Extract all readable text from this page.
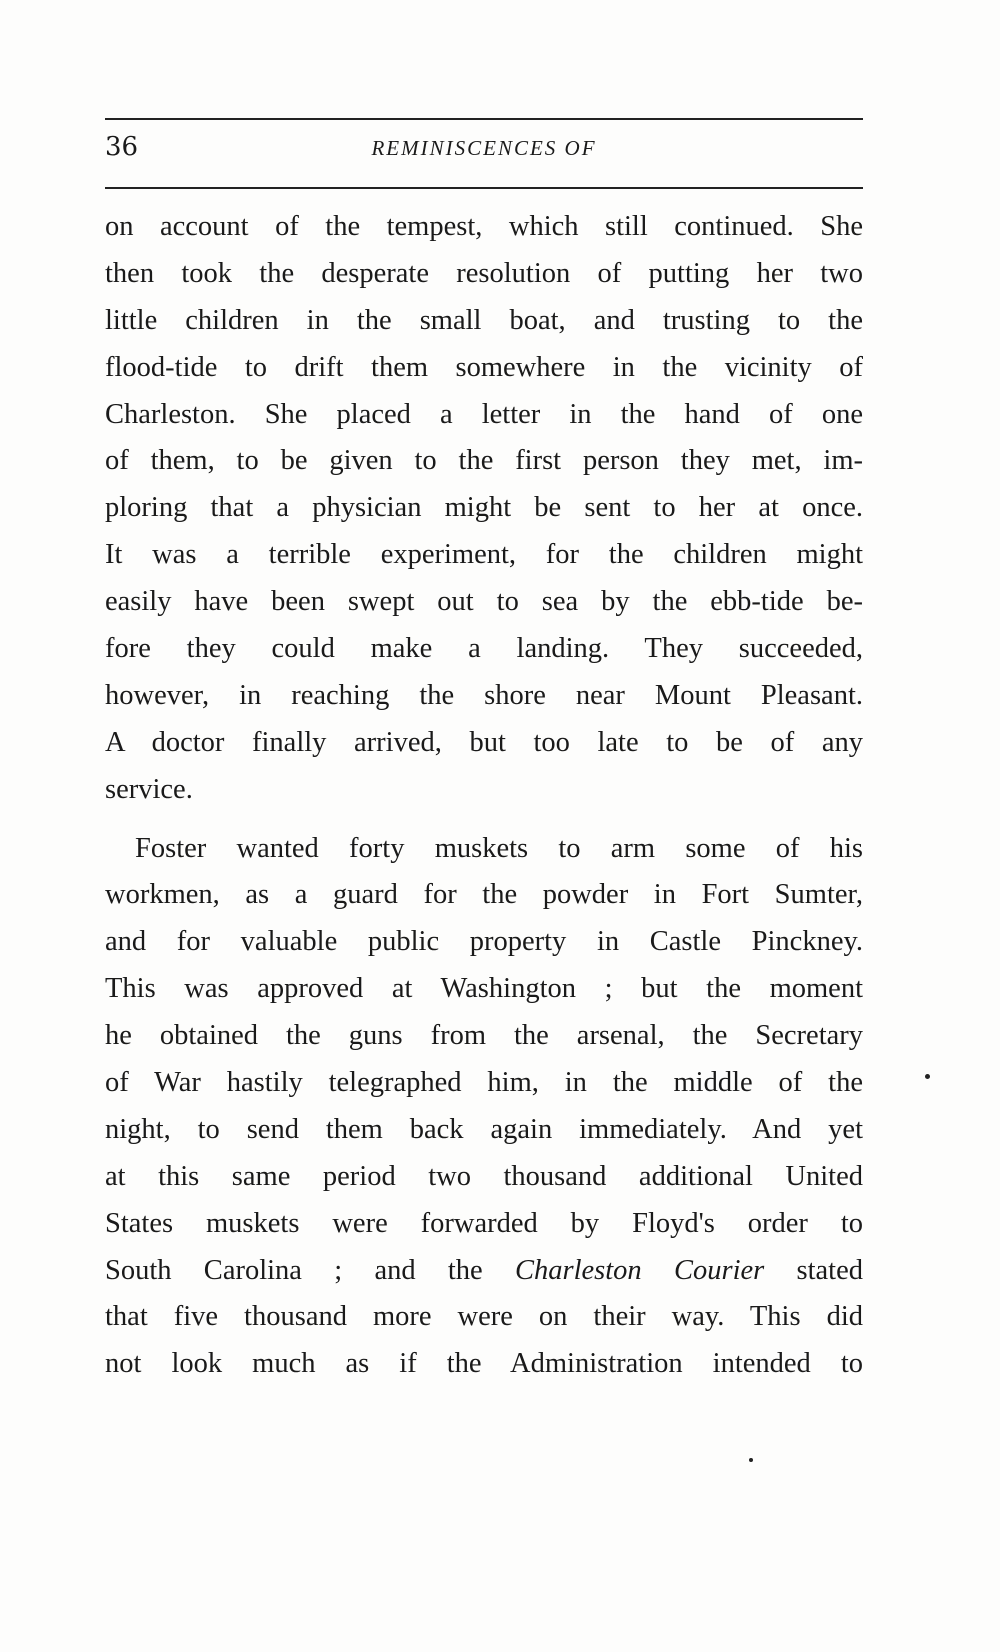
36	REMINISCENCES OF
on account of the tempest, which still continued. She
then took the desperate resolution of putting her two
little children in the small boat, and trusting to the
flood-tide to drift them somewhere in the vicinity of
Charleston. She placed a letter in the hand of one
of them, to be given to the first person they met, im-
ploring that a physician might be sent to her at once.
It was a terrible experiment, for the children might
easily have been swept out to sea by the ebb-tide be-
fore they could make a landing. They succeeded,
however, in reaching the shore near Mount Pleasant.
A doctor finally arrived, but too late to be of any
service.
Foster wanted forty muskets to arm some of his
workmen, as a guard for the powder in Fort Sumter,
and for valuable public property in Castle Pinckney.
This was approved at Washington ; but the moment
he obtained the guns from the arsenal, the Secretary
of War hastily telegraphed him, in the middle of the
night, to send them back again immediately. And yet
at this same period two thousand additional United
States muskets were forwarded by Floyd's order to
South Carolina ; and the Charleston Courier stated
that five thousand more were on their way. This did
not look much as if the Administration intended to
